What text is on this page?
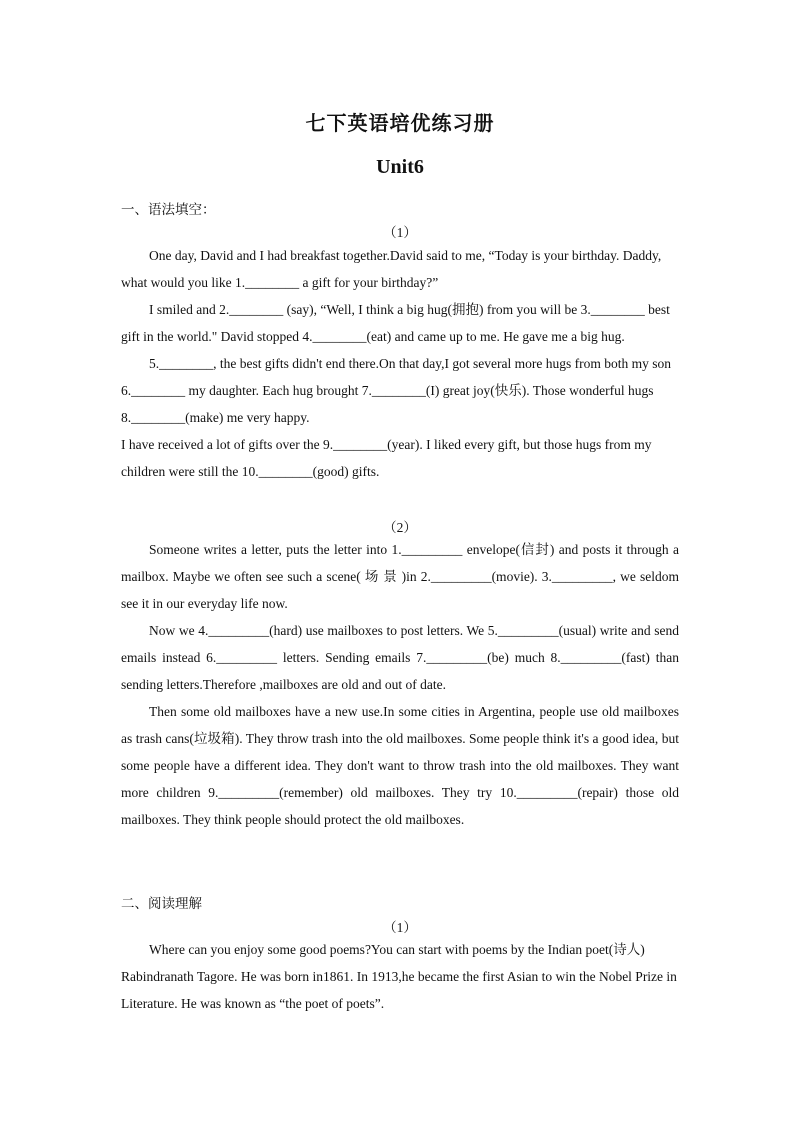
七下英语培优练习册
Unit6
一、语法填空：
（1）

One day, David and I had breakfast together.David said to me, “Today is your birthday. Daddy, what would you like 1.________ a gift for your birthday?”

I smiled and 2.________ (say), “Well, I think a big hug(拥抱) from you will be 3.________ best gift in the world." David stopped 4.________(eat) and came up to me. He gave me a big hug.

5.________, the best gifts didn't end there.On that day,I got several more hugs from both my son 6.________ my daughter. Each hug brought 7.________(I) great joy(快乐). Those wonderful hugs 8.________(make) me very happy.

I have received a lot of gifts over the 9.________(year). I liked every gift, but those hugs from my children were still the 10.________(good) gifts.

（2）

Someone writes a letter, puts the letter into 1._________ envelope(信封) and posts it through a mailbox. Maybe we often see such a scene( 场 景 )in 2._________(movie). 3._________, we seldom see it in our everyday life now.

Now we 4._________(hard) use mailboxes to post letters. We 5._________(usual) write and send emails instead 6._________ letters. Sending emails 7._________(be) much 8._________(fast) than sending letters.Therefore ,mailboxes are old and out of date.

Then some old mailboxes have a new use.In some cities in Argentina, people use old mailboxes as trash cans(垃圾箱). They throw trash into the old mailboxes. Some people think it's a good idea, but some people have a different idea. They don't want to throw trash into the old mailboxes. They want more children 9._________(remember) old mailboxes. They try 10._________(repair) those old mailboxes. They think people should protect the old mailboxes.

二、阅读理解
（1）

Where can you enjoy some good poems?You can start with poems by the Indian poet(诗人) Rabindranath Tagore. He was born in1861. In 1913,he became the first Asian to win the Nobel Prize in Literature. He was known as “the poet of poets”.
